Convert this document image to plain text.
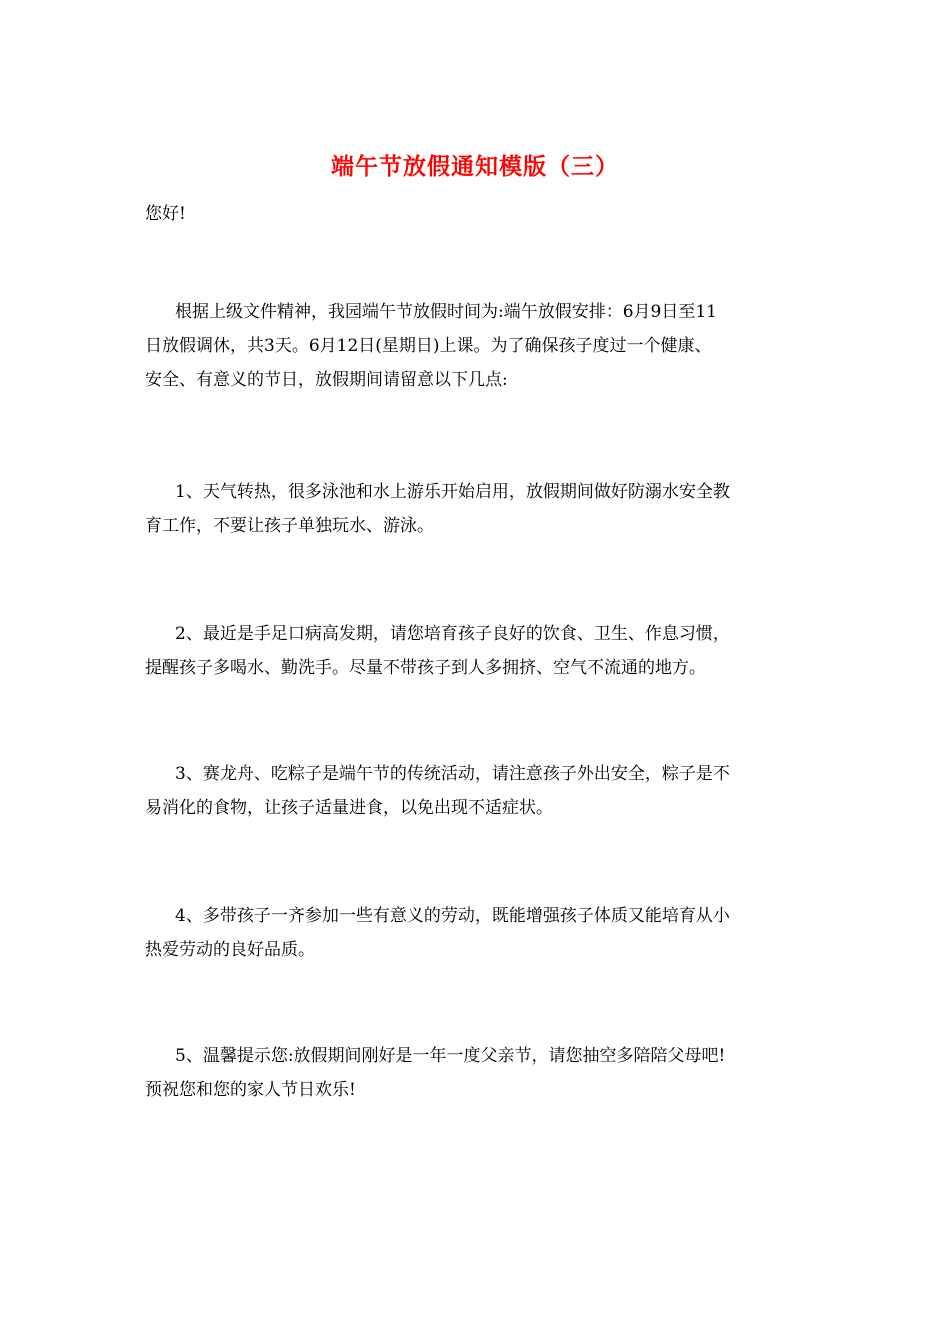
端午节放假通知模版（三）
您好!
根据上级文件精神，我园端午节放假时间为:端午放假安排：6月9日至11
日放假调休，共3天。6月12日(星期日)上课。为了确保孩子度过一个健康、
安全、有意义的节日，放假期间请留意以下几点:
1、天气转热，很多泳池和水上游乐开始启用，放假期间做好防溺水安全教
育工作，不要让孩子单独玩水、游泳。
2、最近是手足口病高发期，请您培育孩子良好的饮食、卫生、作息习惯，
提醒孩子多喝水、勤洗手。尽量不带孩子到人多拥挤、空气不流通的地方。
3、赛龙舟、吃粽子是端午节的传统活动，请注意孩子外出安全，粽子是不
易消化的食物，让孩子适量进食，以免出现不适症状。
4、多带孩子一齐参加一些有意义的劳动，既能增强孩子体质又能培育从小
热爱劳动的良好品质。
5、温馨提示您:放假期间刚好是一年一度父亲节，请您抽空多陪陪父母吧!
预祝您和您的家人节日欢乐!
